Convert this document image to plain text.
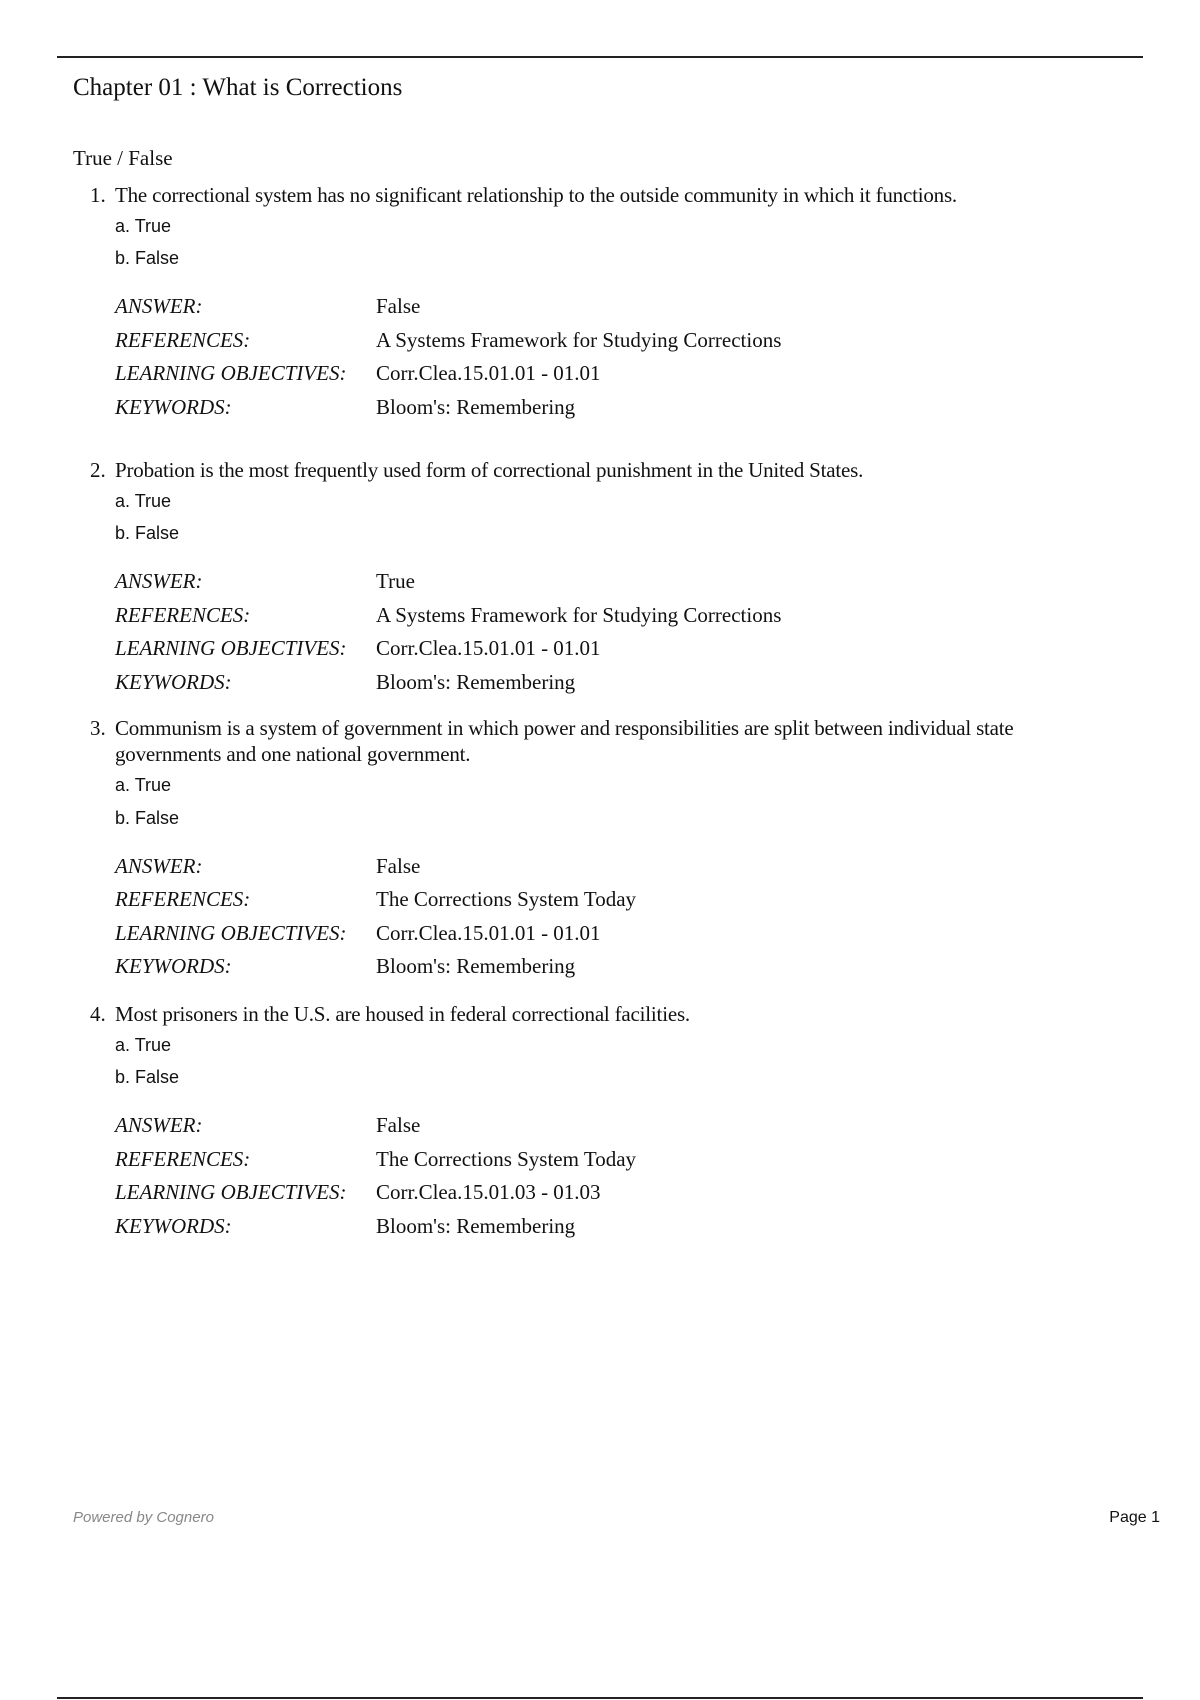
Chapter 01 : What is Corrections
True / False
1. The correctional system has no significant relationship to the outside community in which it functions.
a. True
b. False
ANSWER:	False
REFERENCES:	A Systems Framework for Studying Corrections
LEARNING OBJECTIVES: Corr.Clea.15.01.01 - 01.01
KEYWORDS:	Bloom's: Remembering
2. Probation is the most frequently used form of correctional punishment in the United States.
a. True
b. False
ANSWER:	True
REFERENCES:	A Systems Framework for Studying Corrections
LEARNING OBJECTIVES: Corr.Clea.15.01.01 - 01.01
KEYWORDS:	Bloom's: Remembering
3. Communism is a system of government in which power and responsibilities are split between individual state governments and one national government.
a. True
b. False
ANSWER:	False
REFERENCES:	The Corrections System Today
LEARNING OBJECTIVES: Corr.Clea.15.01.01 - 01.01
KEYWORDS:	Bloom's: Remembering
4. Most prisoners in the U.S. are housed in federal correctional facilities.
a. True
b. False
ANSWER:	False
REFERENCES:	The Corrections System Today
LEARNING OBJECTIVES: Corr.Clea.15.01.03 - 01.03
KEYWORDS:	Bloom's: Remembering
Powered by Cognero	Page 1
